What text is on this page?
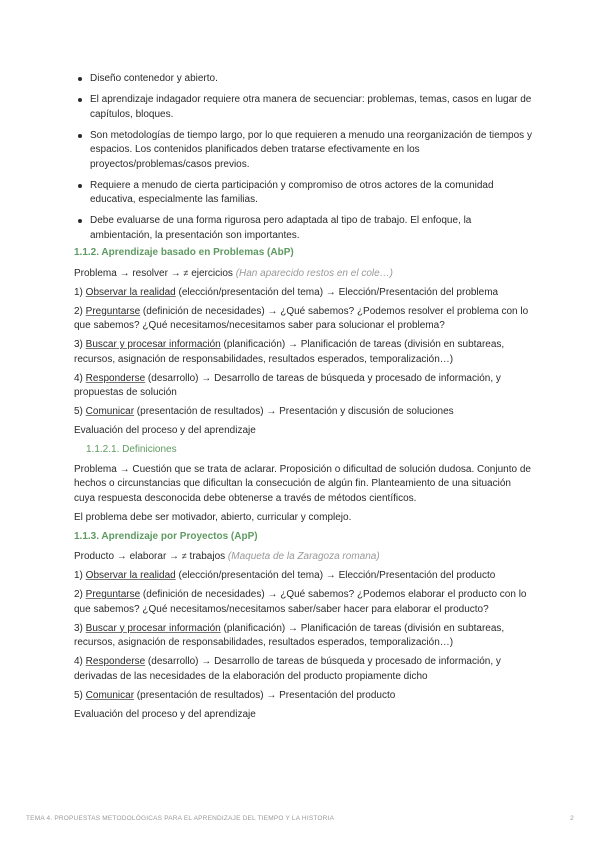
Diseño contenedor y abierto.
El aprendizaje indagador requiere otra manera de secuenciar: problemas, temas, casos en lugar de capítulos, bloques.
Son metodologías de tiempo largo, por lo que requieren a menudo una reorganización de tiempos y espacios. Los contenidos planificados deben tratarse efectivamente en los proyectos/problemas/casos previos.
Requiere a menudo de cierta participación y compromiso de otros actores de la comunidad educativa, especialmente las familias.
Debe evaluarse de una forma rigurosa pero adaptada al tipo de trabajo. El enfoque, la ambientación, la presentación son importantes.
1.1.2. Aprendizaje basado en Problemas (AbP)
Problema → resolver → ≠ ejercicios (Han aparecido restos en el cole…)
1) Observar la realidad (elección/presentación del tema) → Elección/Presentación del problema
2) Preguntarse (definición de necesidades) → ¿Qué sabemos? ¿Podemos resolver el problema con lo que sabemos? ¿Qué necesitamos/necesitamos saber para solucionar el problema?
3) Buscar y procesar información (planificación) → Planificación de tareas (división en subtareas, recursos, asignación de responsabilidades, resultados esperados, temporalización…)
4) Responderse (desarrollo) → Desarrollo de tareas de búsqueda y procesado de información, y propuestas de solución
5) Comunicar (presentación de resultados) → Presentación y discusión de soluciones
Evaluación del proceso y del aprendizaje
1.1.2.1. Definiciones
Problema → Cuestión que se trata de aclarar. Proposición o dificultad de solución dudosa. Conjunto de hechos o circunstancias que dificultan la consecución de algún fin. Planteamiento de una situación cuya respuesta desconocida debe obtenerse a través de métodos científicos.
El problema debe ser motivador, abierto, curricular y complejo.
1.1.3. Aprendizaje por Proyectos (ApP)
Producto → elaborar → ≠ trabajos (Maqueta de la Zaragoza romana)
1) Observar la realidad (elección/presentación del tema) → Elección/Presentación del producto
2) Preguntarse (definición de necesidades) → ¿Qué sabemos? ¿Podemos elaborar el producto con lo que sabemos? ¿Qué necesitamos/necesitamos saber/saber hacer para elaborar el producto?
3) Buscar y procesar información (planificación) → Planificación de tareas (división en subtareas, recursos, asignación de responsabilidades, resultados esperados, temporalización…)
4) Responderse (desarrollo) → Desarrollo de tareas de búsqueda y procesado de información, y derivadas de las necesidades de la elaboración del producto propiamente dicho
5) Comunicar (presentación de resultados) → Presentación del producto
Evaluación del proceso y del aprendizaje
TEMA 4. PROPUESTAS METODOLÓGICAS PARA EL APRENDIZAJE DEL TIEMPO Y LA HISTORIA	2
